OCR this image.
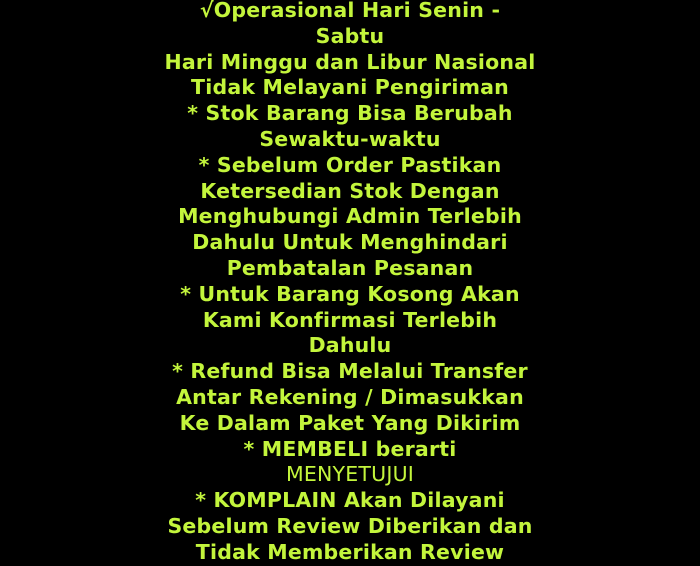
√Operasional Hari Senin -
Sabtu
Hari Minggu dan Libur Nasional
Tidak Melayani Pengiriman
* Stok Barang Bisa Berubah
Sewaktu-waktu
* Sebelum Order Pastikan
Ketersedian Stok Dengan
Menghubungi Admin Terlebih
Dahulu Untuk Menghindari
Pembatalan Pesanan
* Untuk Barang Kosong Akan
Kami Konfirmasi Terlebih
Dahulu
* Refund Bisa Melalui Transfer
Antar Rekening / Dimasukkan
Ke Dalam Paket Yang Dikirim
* MEMBELI berarti
MENYETUJUI
* KOMPLAIN Akan Dilayani
Sebelum Review Diberikan dan
Tidak Memberikan Review
